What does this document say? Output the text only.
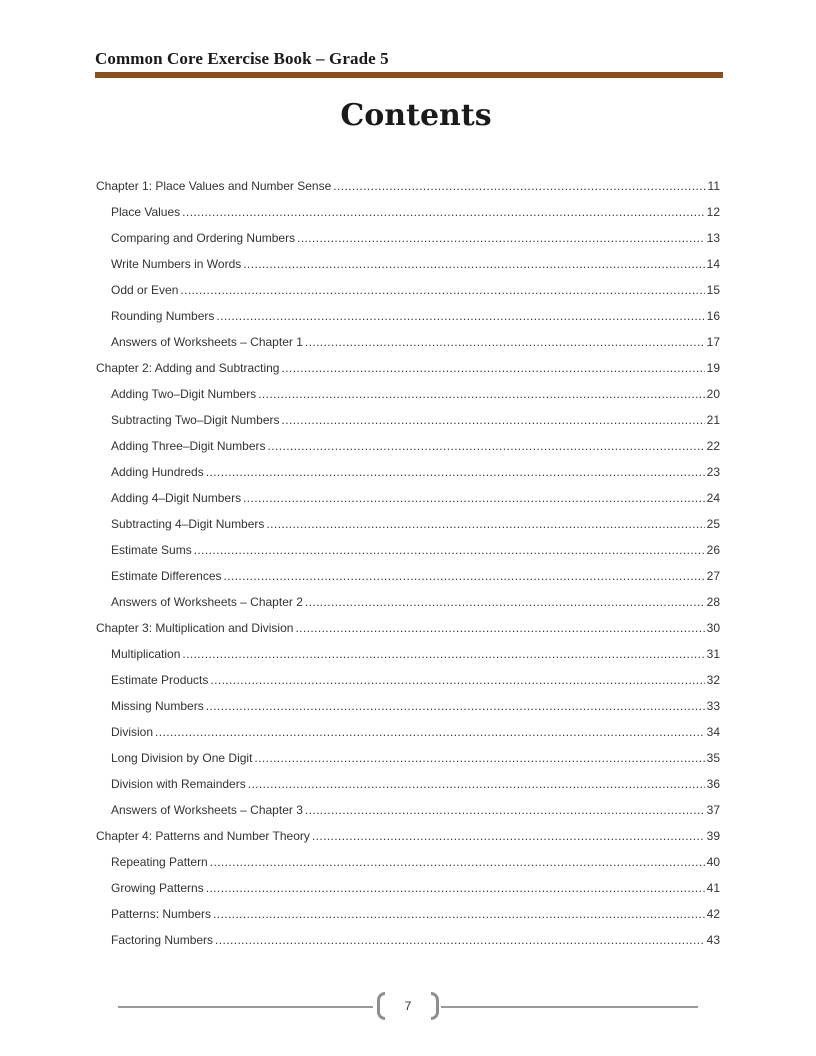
Common Core Exercise Book – Grade 5
Contents
Chapter 1: Place Values and Number Sense .....	11
Place Values .....	12
Comparing and Ordering Numbers .....	13
Write Numbers in Words .....	14
Odd or Even .....	15
Rounding Numbers .....	16
Answers of Worksheets – Chapter 1 .....	17
Chapter 2: Adding and Subtracting .....	19
Adding Two–Digit Numbers .....	20
Subtracting Two–Digit Numbers .....	21
Adding Three–Digit Numbers .....	22
Adding Hundreds .....	23
Adding 4–Digit Numbers .....	24
Subtracting 4–Digit Numbers .....	25
Estimate Sums .....	26
Estimate Differences .....	27
Answers of Worksheets – Chapter 2 .....	28
Chapter 3: Multiplication and Division .....	30
Multiplication .....	31
Estimate Products .....	32
Missing Numbers .....	33
Division .....	34
Long Division by One Digit .....	35
Division with Remainders .....	36
Answers of Worksheets – Chapter 3 .....	37
Chapter 4: Patterns and Number Theory .....	39
Repeating Pattern .....	40
Growing Patterns .....	41
Patterns: Numbers .....	42
Factoring Numbers .....	43
7
